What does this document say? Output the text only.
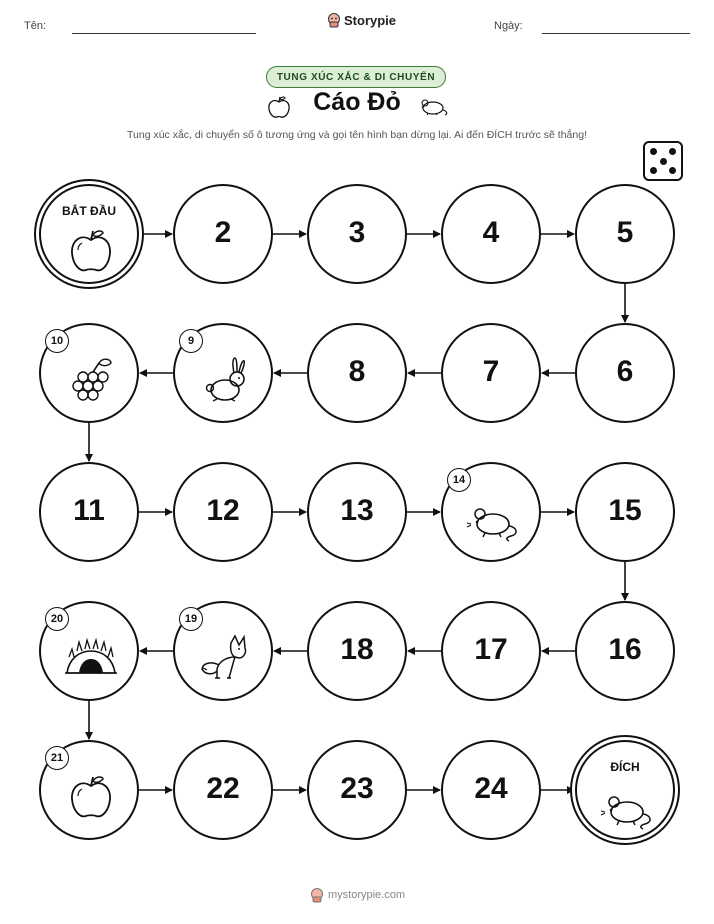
Tên:	Storypie	Ngày:
TUNG XÚC XẮC & DI CHUYỂN
Cáo Đỏ
Tung xúc xắc, di chuyển số ô tương ứng và gọi tên hình bạn dừng lại. Ai đến ĐÍCH trước sẽ thắng!
BẮT ĐẦU
2	3	4	5
6
7
8
9
10
11	12	13
14
15
16
17
18
19
20
21
22	23	24
ĐÍCH
mystorypie.com
